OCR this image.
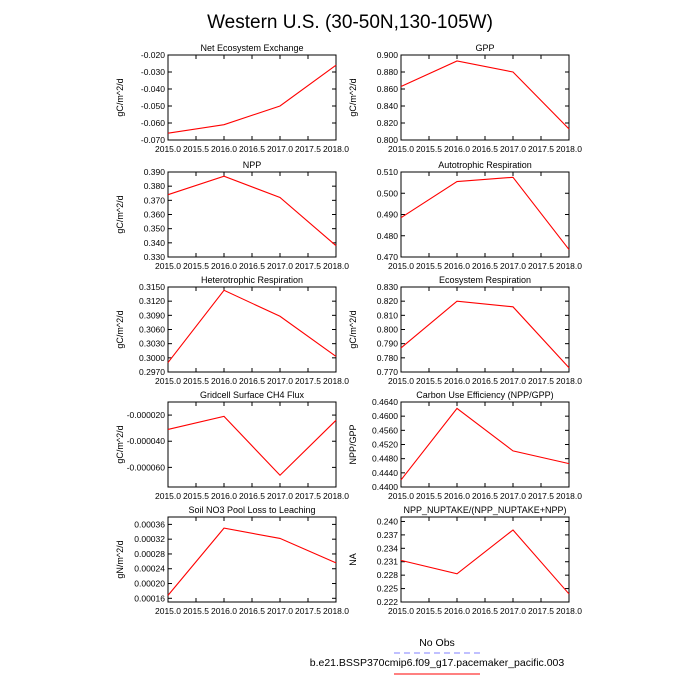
Western U.S. (30-50N,130-105W)
Net Ecosystem Exchange
gC/m^2/d
2015.0 2015.5 2016.0 2016.5 2017.0 2017.5 2018.0
-0.020
-0.030
-0.040
-0.050
-0.060
-0.070
GPP
gC/m^2/d
2015.0 2015.5 2016.0 2016.5 2017.0 2017.5 2018.0
0.900
0.880
0.860
0.840
0.820
0.800
NPP
gC/m^2/d
2015.0 2015.5 2016.0 2016.5 2017.0 2017.5 2018.0
0.390
0.380
0.370
0.360
0.350
0.340
0.330
Autotrophic Respiration
2015.0 2015.5 2016.0 2016.5 2017.0 2017.5 2018.0
0.510
0.500
0.490
0.480
0.470
Heterotrophic Respiration
gC/m^2/d
2015.0 2015.5 2016.0 2016.5 2017.0 2017.5 2018.0
0.3150
0.3120
0.3090
0.3060
0.3030
0.3000
0.2970
Ecosystem Respiration
gC/m^2/d
2015.0 2015.5 2016.0 2016.5 2017.0 2017.5 2018.0
0.830
0.820
0.810
0.800
0.790
0.780
0.770
Gridcell Surface CH4 Flux
gC/m^2/d
2015.0 2015.5 2016.0 2016.5 2017.0 2017.5 2018.0
-0.000020
-0.000040
-0.000060
Carbon Use Efficiency (NPP/GPP)
NPP/GPP
2015.0 2015.5 2016.0 2016.5 2017.0 2017.5 2018.0
0.4640
0.4600
0.4560
0.4520
0.4480
0.4440
0.4400
Soil NO3 Pool Loss to Leaching
gN/m^2/d
2015.0 2015.5 2016.0 2016.5 2017.0 2017.5 2018.0
0.00036
0.00032
0.00028
0.00024
0.00020
0.00016
NPP_NUPTAKE/(NPP_NUPTAKE+NPP)
NA
2015.0 2015.5 2016.0 2016.5 2017.0 2017.5 2018.0
0.240
0.237
0.234
0.231
0.228
0.225
0.222
No Obs
b.e21.BSSP370cmip6.f09_g17.pacemaker_pacific.003
